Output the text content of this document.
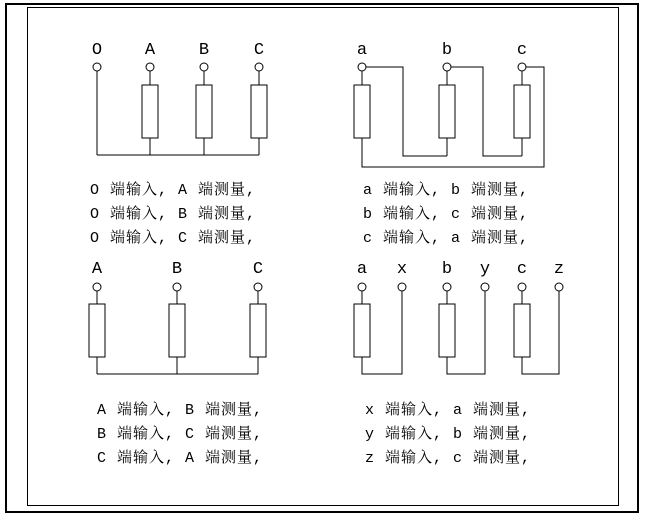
O	A	B	C	a	b	c
A	B	C	a x b y c z
O 端输入, A 端测量,
O 端输入, B 端测量,
O 端输入, C 端测量,
a 端输入, b 端测量,
b 端输入, c 端测量,
c 端输入, a 端测量,
A 端输入, B 端测量,
B 端输入, C 端测量,
C 端输入, A 端测量,
x 端输入, a 端测量,
y 端输入, b 端测量,
z 端输入, c 端测量,
